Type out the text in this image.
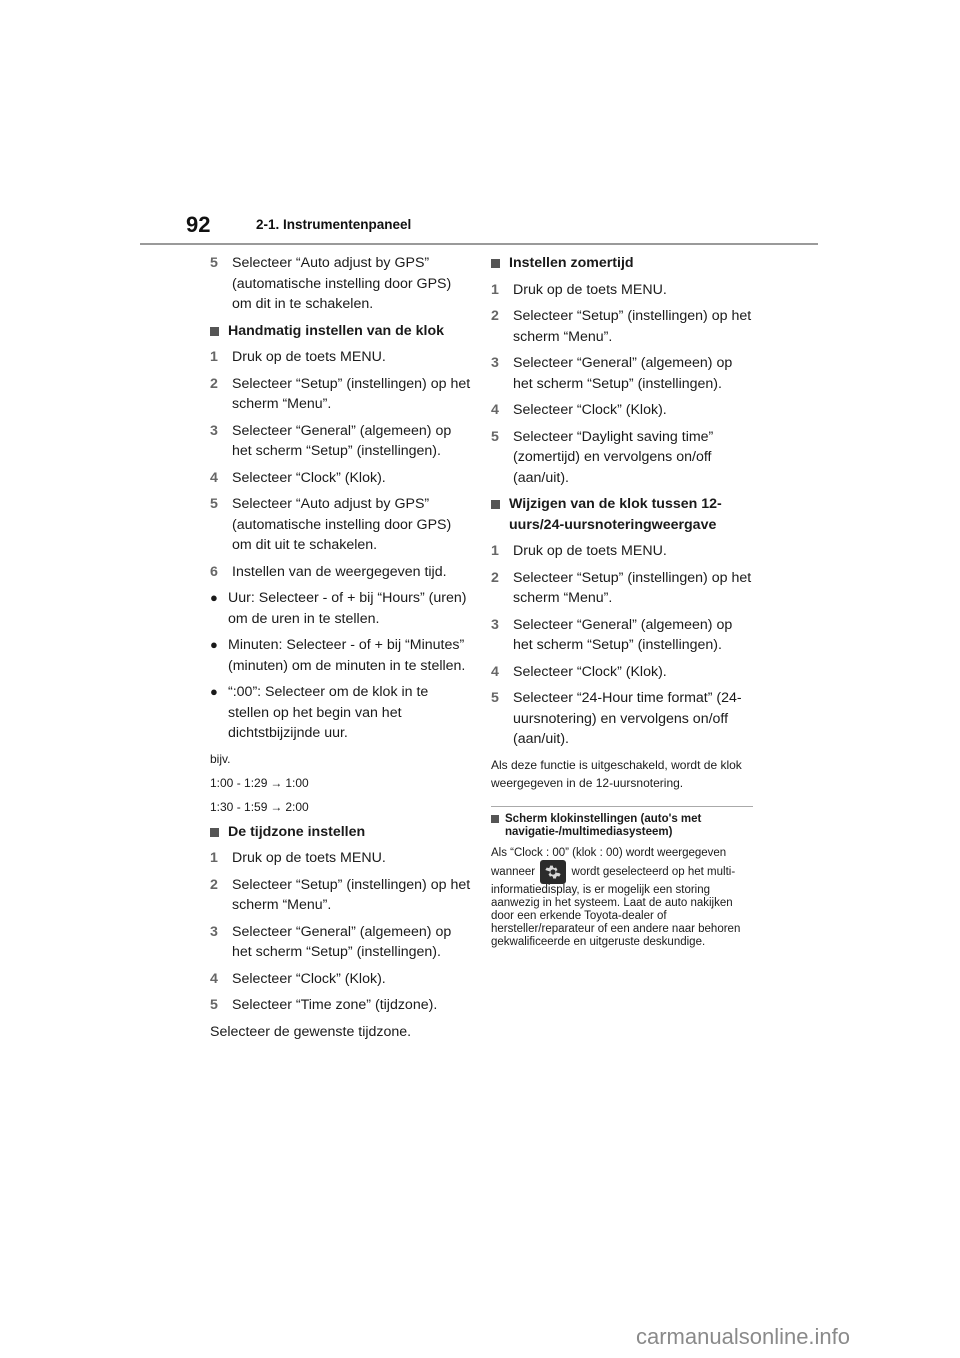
92	2-1. Instrumentenpaneel
5 Selecteer “Auto adjust by GPS” (automatische instelling door GPS) om dit in te schakelen.
Handmatig instellen van de klok
1 Druk op de toets MENU.
2 Selecteer “Setup” (instellingen) op het scherm “Menu”.
3 Selecteer “General” (algemeen) op het scherm “Setup” (instellingen).
4 Selecteer “Clock” (Klok).
5 Selecteer “Auto adjust by GPS” (automatische instelling door GPS) om dit uit te schakelen.
6 Instellen van de weergegeven tijd.
● Uur: Selecteer - of + bij “Hours” (uren) om de uren in te stellen.
● Minuten: Selecteer - of + bij “Minutes” (minuten) om de minuten in te stellen.
● “:00”: Selecteer om de klok in te stellen op het begin van het dichtstbijzijnde uur.

bijv.

1:00 - 1:29 → 1:00

1:30 - 1:59 → 2:00

De tijdzone instellen
1 Druk op de toets MENU.
2 Selecteer “Setup” (instellingen) op het scherm “Menu”.
3 Selecteer “General” (algemeen) op het scherm “Setup” (instellingen).
4 Selecteer “Clock” (Klok).
5 Selecteer “Time zone” (tijdzone).

Selecteer de gewenste tijdzone.

Instellen zomertijd
1 Druk op de toets MENU.
2 Selecteer “Setup” (instellingen) op het scherm “Menu”.
3 Selecteer “General” (algemeen) op het scherm “Setup” (instellingen).
4 Selecteer “Clock” (Klok).
5 Selecteer “Daylight saving time” (zomertijd) en vervolgens on/off (aan/uit).
Wijzigen van de klok tussen 12-uurs/24-uursnoteringweergave
1 Druk op de toets MENU.
2 Selecteer “Setup” (instellingen) op het scherm “Menu”.
3 Selecteer “General” (algemeen) op het scherm “Setup” (instellingen).
4 Selecteer “Clock” (Klok).
5 Selecteer “24-Hour time format” (24-uursnotering) en vervolgens on/off (aan/uit).

Als deze functie is uitgeschakeld, wordt de klok weergegeven in de 12-uursnotering.

Scherm klokinstellingen (auto's met navigatie-/multimediasysteem)

Als “Clock : 00” (klok : 00) wordt weergegeven wanneer	wordt geselecteerd op het multi-informatiedisplay, is er mogelijk een storing aanwezig in het systeem. Laat de auto nakijken door een erkende Toyota-dealer of hersteller/reparateur of een andere naar behoren gekwalificeerde en uitgeruste deskundige.

carmanualsonline.info
